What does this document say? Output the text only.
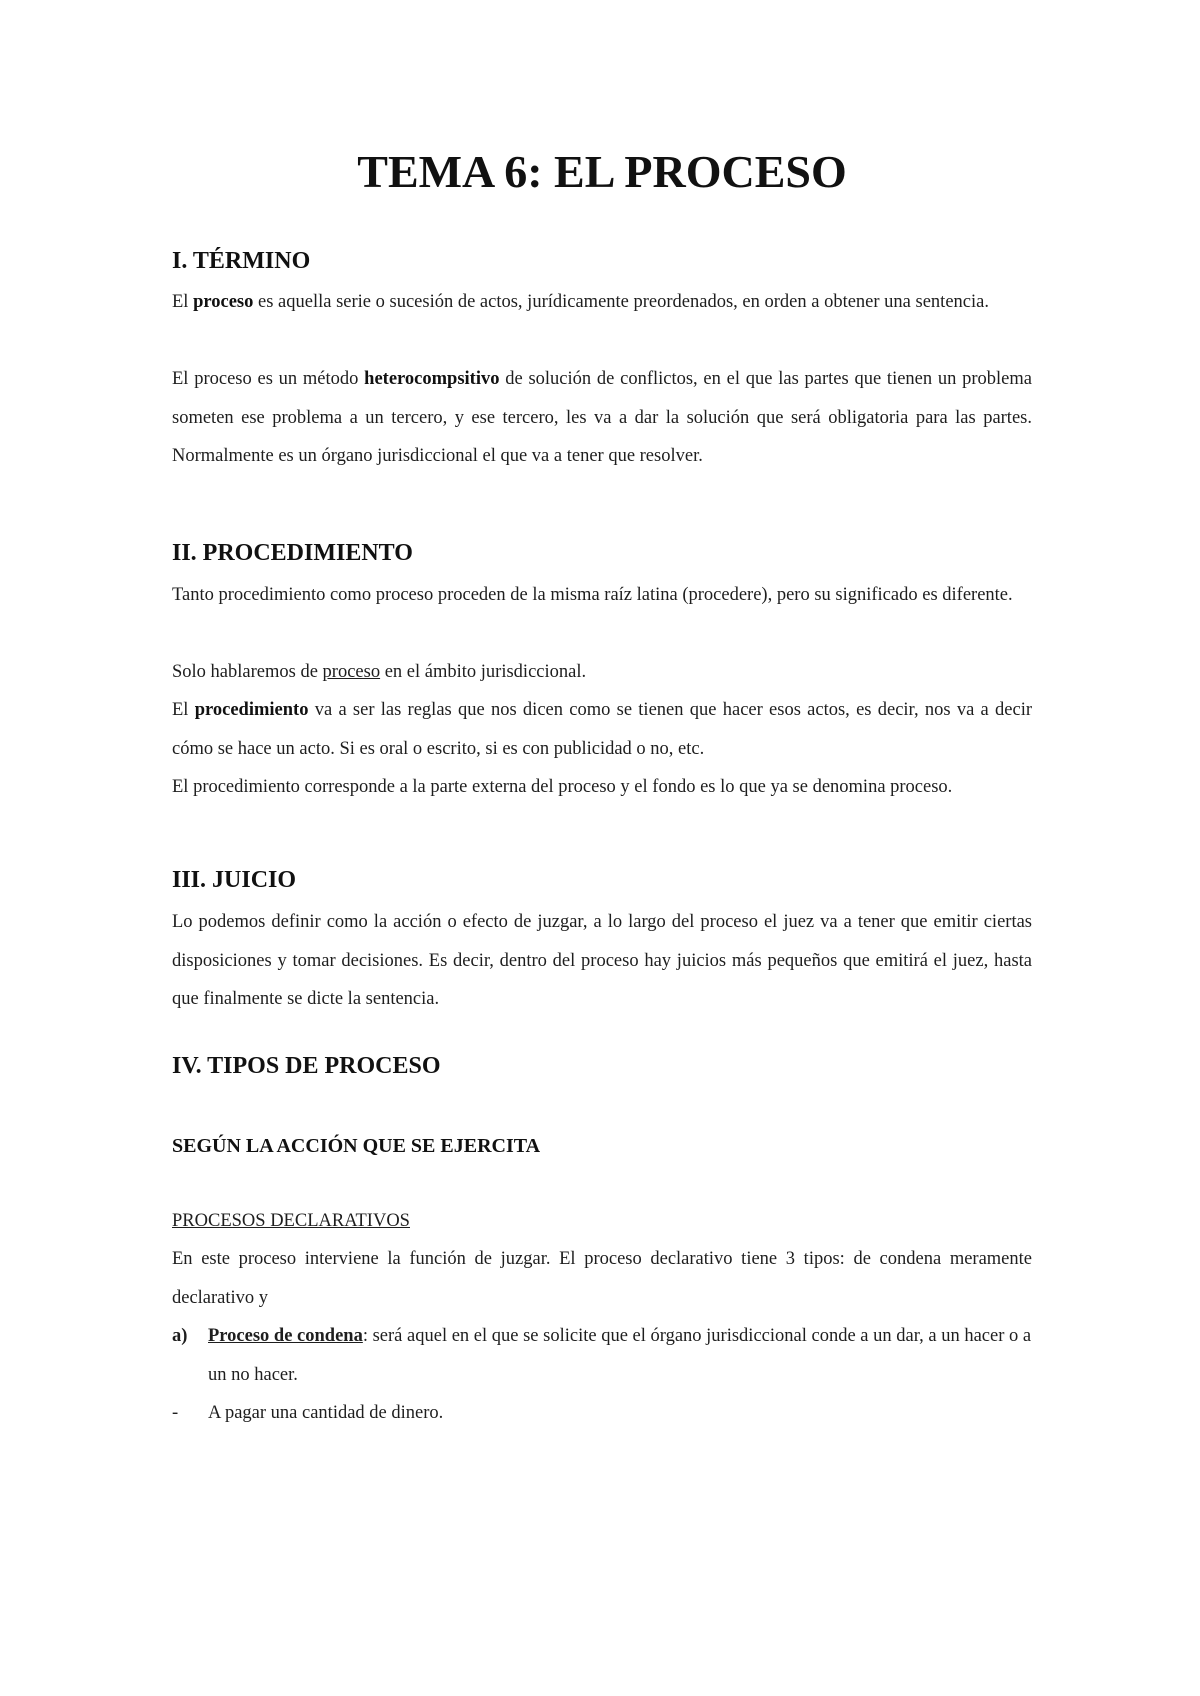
TEMA 6: EL PROCESO
I. TÉRMINO
El proceso es aquella serie o sucesión de actos, jurídicamente preordenados, en orden a obtener una sentencia.
El proceso es un método heterocompsitivo de solución de conflictos, en el que las partes que tienen un problema someten ese problema a un tercero, y ese tercero, les va a dar la solución que será obligatoria para las partes. Normalmente es un órgano jurisdiccional el que va a tener que resolver.
II. PROCEDIMIENTO
Tanto procedimiento como proceso proceden de la misma raíz latina (procedere), pero su significado es diferente.
Solo hablaremos de proceso en el ámbito jurisdiccional.
El procedimiento va a ser las reglas que nos dicen como se tienen que hacer esos actos, es decir, nos va a decir cómo se hace un acto. Si es oral o escrito, si es con publicidad o no, etc.
El procedimiento corresponde a la parte externa del proceso y el fondo es lo que ya se denomina proceso.
III. JUICIO
Lo podemos definir como la acción o efecto de juzgar, a lo largo del proceso el juez va a tener que emitir ciertas disposiciones y tomar decisiones. Es decir, dentro del proceso hay juicios más pequeños que emitirá el juez, hasta que finalmente se dicte la sentencia.
IV. TIPOS DE PROCESO
SEGÚN LA ACCIÓN QUE SE EJERCITA
PROCESOS DECLARATIVOS
En este proceso interviene la función de juzgar. El proceso declarativo tiene 3 tipos: de condena meramente declarativo y
a) Proceso de condena: será aquel en el que se solicite que el órgano jurisdiccional conde a un dar, a un hacer o a un no hacer.
- A pagar una cantidad de dinero.
